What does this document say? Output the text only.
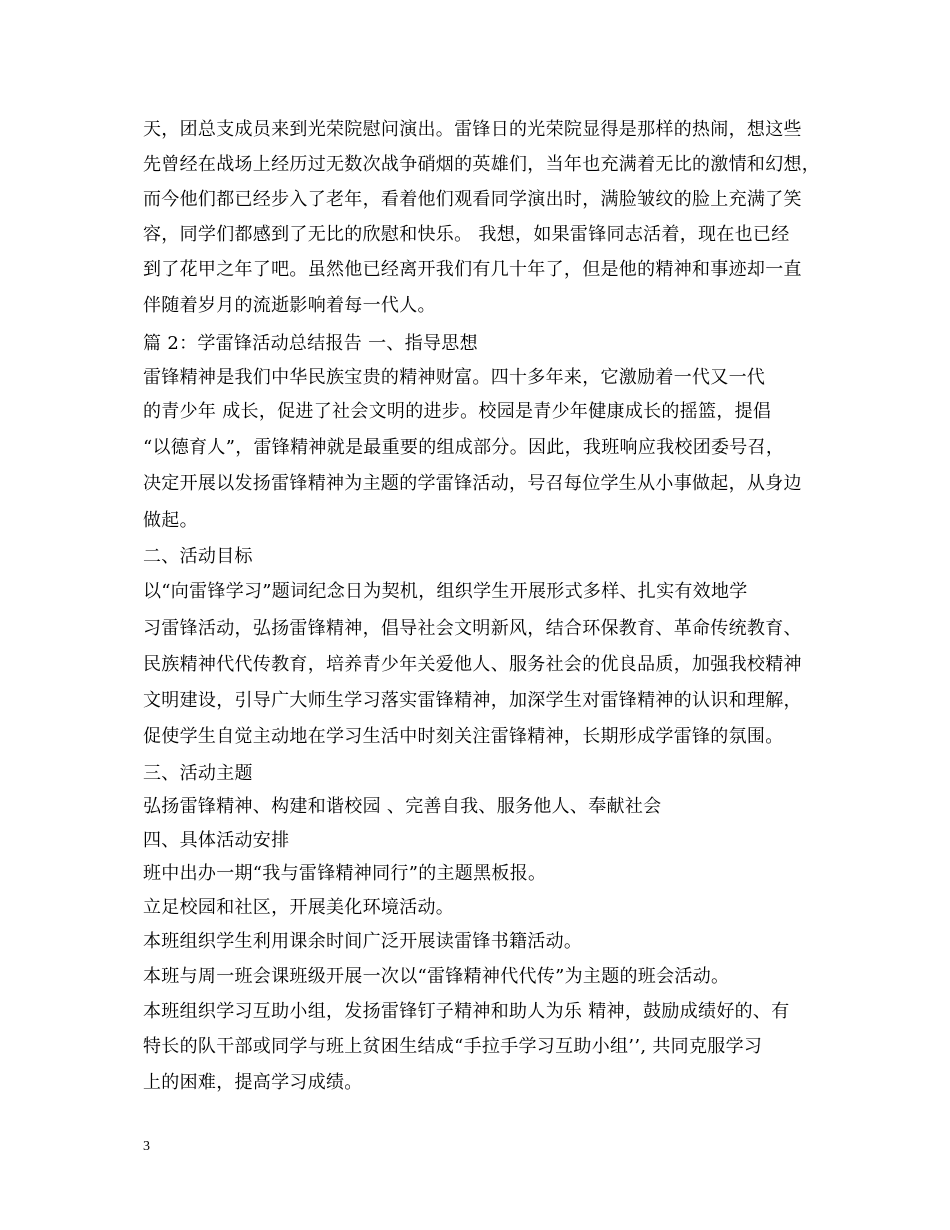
天，团总支成员来到光荣院慰问演出。雷锋日的光荣院显得是那样的热闹，想这些
先曾经在战场上经历过无数次战争硝烟的英雄们，当年也充满着无比的激情和幻想，
而今他们都已经步入了老年，看着他们观看同学演出时，满脸皱纹的脸上充满了笑
容，同学们都感到了无比的欣慰和快乐。 我想，如果雷锋同志活着，现在也已经
到了花甲之年了吧。虽然他已经离开我们有几十年了，但是他的精神和事迹却一直
伴随着岁月的流逝影响着每一代人。
篇 2：学雷锋活动总结报告 一、指导思想
雷锋精神是我们中华民族宝贵的精神财富。四十多年来，它激励着一代又一代
的青少年 成长，促进了社会文明的进步。校园是青少年健康成长的摇篮，提倡
“以德育人”，雷锋精神就是最重要的组成部分。因此，我班响应我校团委号召，
决定开展以发扬雷锋精神为主题的学雷锋活动，号召每位学生从小事做起，从身边
做起。
二、活动目标
以“向雷锋学习”题词纪念日为契机，组织学生开展形式多样、扎实有效地学
习雷锋活动，弘扬雷锋精神，倡导社会文明新风，结合环保教育、革命传统教育、
民族精神代代传教育，培养青少年关爱他人、服务社会的优良品质，加强我校精神
文明建设，引导广大师生学习落实雷锋精神，加深学生对雷锋精神的认识和理解，
促使学生自觉主动地在学习生活中时刻关注雷锋精神，长期形成学雷锋的氛围。
三、活动主题
弘扬雷锋精神、构建和谐校园 、完善自我、服务他人、奉献社会
四、具体活动安排
班中出办一期“我与雷锋精神同行”的主题黑板报。
立足校园和社区，开展美化环境活动。
本班组织学生利用课余时间广泛开展读雷锋书籍活动。
本班与周一班会课班级开展一次以“雷锋精神代代传”为主题的班会活动。
本班组织学习互助小组，发扬雷锋钉子精神和助人为乐 精神，鼓励成绩好的、有
特长的队干部或同学与班上贫困生结成“手拉手学习互助小组’’, 共同克服学习
上的困难，提高学习成绩。
3
